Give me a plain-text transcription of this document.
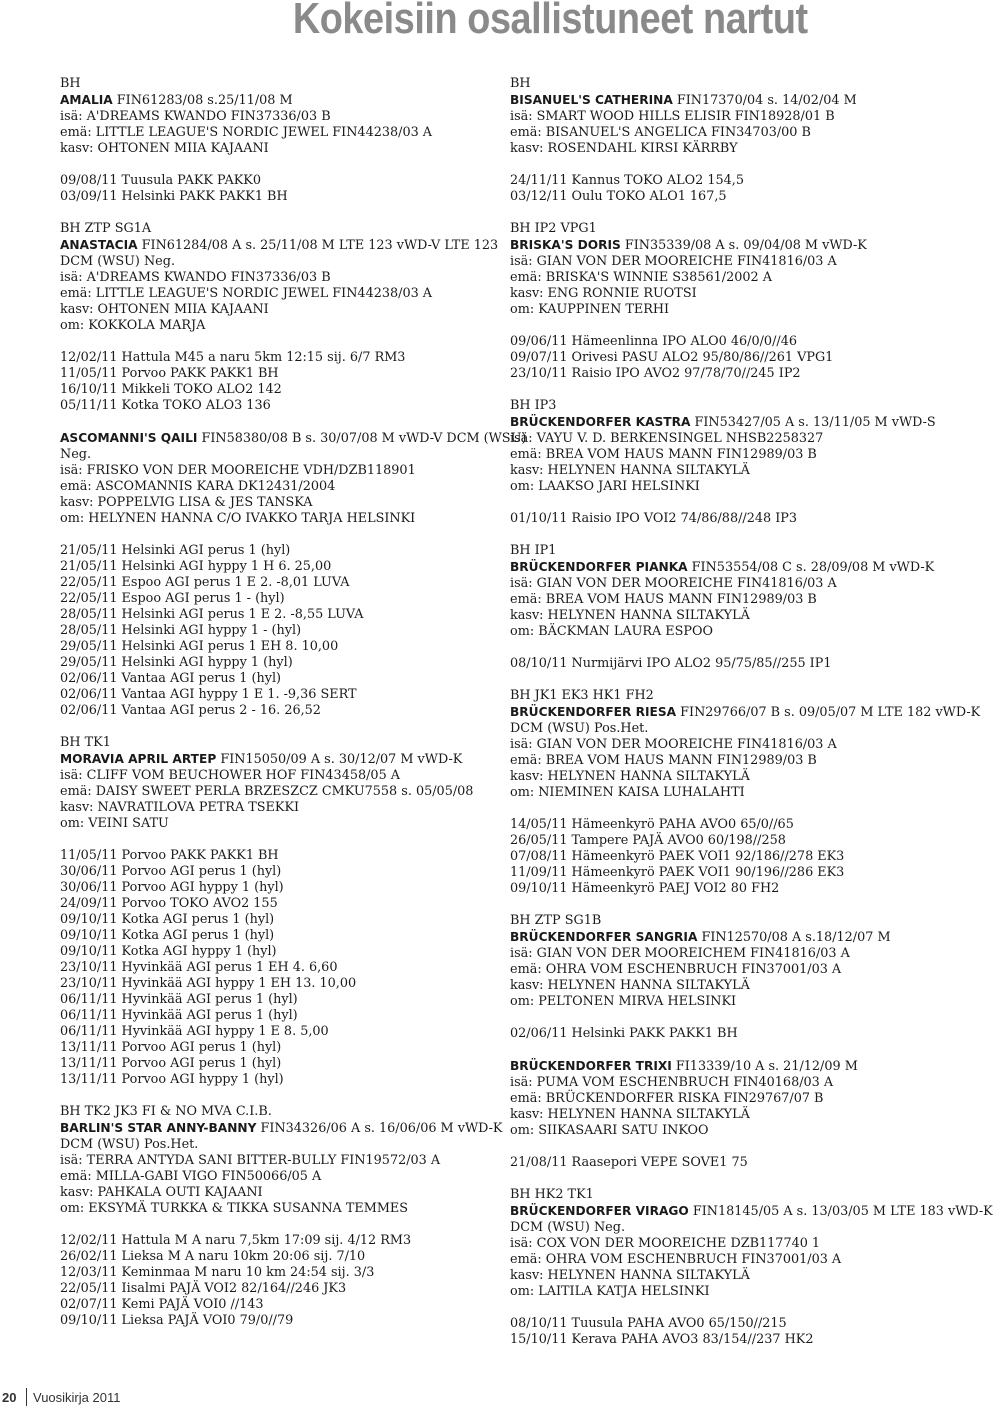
Kokeisiin osallistuneet nartut
BH
AMALIA FIN61283/08 s.25/11/08 M
isä: A'DREAMS KWANDO FIN37336/03 B
emä: LITTLE LEAGUE'S NORDIC JEWEL FIN44238/03 A
kasv: OHTONEN MIIA KAJAANI
09/08/11 Tuusula PAKK PAKK0
03/09/11 Helsinki PAKK PAKK1 BH
BH ZTP SG1A
ANASTACIA FIN61284/08 A s. 25/11/08 M LTE 123 vWD-V LTE 123
DCM (WSU) Neg.
isä: A'DREAMS KWANDO FIN37336/03 B
emä: LITTLE LEAGUE'S NORDIC JEWEL FIN44238/03 A
kasv: OHTONEN MIIA KAJAANI
om: KOKKOLA MARJA
12/02/11 Hattula M45 a naru 5km 12:15 sij. 6/7 RM3
11/05/11 Porvoo PAKK PAKK1 BH
16/10/11 Mikkeli TOKO ALO2 142
05/11/11 Kotka TOKO ALO3 136
ASCOMANNI'S QAILI FIN58380/08 B s. 30/07/08 M vWD-V DCM (WSU)
Neg.
isä: FRISKO VON DER MOOREICHE VDH/DZB118901
emä: ASCOMANNIS KARA DK12431/2004
kasv: POPPELVIG LISA & JES TANSKA
om: HELYNEN HANNA C/O IVAKKO TARJA HELSINKI
21/05/11 Helsinki AGI perus 1 (hyl)
21/05/11 Helsinki AGI hyppy 1 H 6. 25,00
22/05/11 Espoo AGI perus 1 E 2. -8,01 LUVA
22/05/11 Espoo AGI perus 1 - (hyl)
28/05/11 Helsinki AGI perus 1 E 2. -8,55 LUVA
28/05/11 Helsinki AGI hyppy 1 - (hyl)
29/05/11 Helsinki AGI perus 1 EH 8. 10,00
29/05/11 Helsinki AGI hyppy 1 (hyl)
02/06/11 Vantaa AGI perus 1 (hyl)
02/06/11 Vantaa AGI hyppy 1 E 1. -9,36 SERT
02/06/11 Vantaa AGI perus 2 - 16. 26,52
BH TK1
MORAVIA APRIL ARTEP FIN15050/09 A s. 30/12/07 M vWD-K
isä: CLIFF VOM BEUCHOWER HOF FIN43458/05 A
emä: DAISY SWEET PERLA BRZESZCZ CMKU7558 s. 05/05/08
kasv: NAVRATILOVA PETRA TSEKKI
om: VEINI SATU
11/05/11 Porvoo PAKK PAKK1 BH
30/06/11 Porvoo AGI perus 1 (hyl)
30/06/11 Porvoo AGI hyppy 1 (hyl)
24/09/11 Porvoo TOKO AVO2 155
09/10/11 Kotka AGI perus 1 (hyl)
09/10/11 Kotka AGI perus 1 (hyl)
09/10/11 Kotka AGI hyppy 1 (hyl)
23/10/11 Hyvinkää AGI perus 1 EH 4. 6,60
23/10/11 Hyvinkää AGI hyppy 1 EH 13. 10,00
06/11/11 Hyvinkää AGI perus 1 (hyl)
06/11/11 Hyvinkää AGI perus 1 (hyl)
06/11/11 Hyvinkää AGI hyppy 1 E 8. 5,00
13/11/11 Porvoo AGI perus 1 (hyl)
13/11/11 Porvoo AGI perus 1 (hyl)
13/11/11 Porvoo AGI hyppy 1 (hyl)
BH TK2 JK3 FI & NO MVA C.I.B.
BARLIN'S STAR ANNY-BANNY FIN34326/06 A s. 16/06/06 M vWD-K
DCM (WSU) Pos.Het.
isä: TERRA ANTYDA SANI BITTER-BULLY FIN19572/03 A
emä: MILLA-GABI VIGO FIN50066/05 A
kasv: PAHKALA OUTI KAJAANI
om: EKSYMÄ TURKKA & TIKKA SUSANNA TEMMES
12/02/11 Hattula M A naru 7,5km 17:09 sij. 4/12 RM3
26/02/11 Lieksa M A naru 10km 20:06 sij. 7/10
12/03/11 Keminmaa M naru 10 km 24:54 sij. 3/3
22/05/11 Iisalmi PAJÄ VOI2 82/164//246 JK3
02/07/11 Kemi PAJÄ VOI0 //143
09/10/11 Lieksa PAJÄ VOI0 79/0//79
BH
BISANUEL'S CATHERINA FIN17370/04 s. 14/02/04 M
isä: SMART WOOD HILLS ELISIR FIN18928/01 B
emä: BISANUEL'S ANGELICA FIN34703/00 B
kasv: ROSENDAHL KIRSI KÄRRBY
24/11/11 Kannus TOKO ALO2 154,5
03/12/11 Oulu TOKO ALO1 167,5
BH IP2 VPG1
BRISKA'S DORIS FIN35339/08 A s. 09/04/08 M vWD-K
isä: GIAN VON DER MOOREICHE FIN41816/03 A
emä: BRISKA'S WINNIE S38561/2002 A
kasv: ENG RONNIE RUOTSI
om: KAUPPINEN TERHI
09/06/11 Hämeenlinna IPO ALO0 46/0/0//46
09/07/11 Orivesi PASU ALO2 95/80/86//261 VPG1
23/10/11 Raisio IPO AVO2 97/78/70//245 IP2
BH IP3
BRÜCKENDORFER KASTRA FIN53427/05 A s. 13/11/05 M vWD-S
isä: VAYU V. D. BERKENSINGEL NHSB2258327
emä: BREA VOM HAUS MANN FIN12989/03 B
kasv: HELYNEN HANNA SILTAKYLÄ
om: LAAKSO JARI HELSINKI
01/10/11 Raisio IPO VOI2 74/86/88//248 IP3
BH IP1
BRÜCKENDORFER PIANKA FIN53554/08 C s. 28/09/08 M vWD-K
isä: GIAN VON DER MOOREICHE FIN41816/03 A
emä: BREA VOM HAUS MANN FIN12989/03 B
kasv: HELYNEN HANNA SILTAKYLÄ
om: BÄCKMAN LAURA ESPOO
08/10/11 Nurmijärvi IPO ALO2 95/75/85//255 IP1
BH JK1 EK3 HK1 FH2
BRÜCKENDORFER RIESA FIN29766/07 B s. 09/05/07 M LTE 182 vWD-K
DCM (WSU) Pos.Het.
isä: GIAN VON DER MOOREICHE FIN41816/03 A
emä: BREA VOM HAUS MANN FIN12989/03 B
kasv: HELYNEN HANNA SILTAKYLÄ
om: NIEMINEN KAISA LUHALAHTI
14/05/11 Hämeenkyrö PAHA AVO0 65/0//65
26/05/11 Tampere PAJÄ AVO0 60/198//258
07/08/11 Hämeenkyrö PAEK VOI1 92/186//278 EK3
11/09/11 Hämeenkyrö PAEK VOI1 90/196//286 EK3
09/10/11 Hämeenkyrö PAEJ VOI2 80 FH2
BH ZTP SG1B
BRÜCKENDORFER SANGRIA FIN12570/08 A s.18/12/07 M
isä: GIAN VON DER MOOREICHEM FIN41816/03 A
emä: OHRA VOM ESCHENBRUCH FIN37001/03 A
kasv: HELYNEN HANNA SILTAKYLÄ
om: PELTONEN MIRVA HELSINKI
02/06/11 Helsinki PAKK PAKK1 BH
BRÜCKENDORFER TRIXI FI13339/10 A s. 21/12/09 M
isä: PUMA VOM ESCHENBRUCH FIN40168/03 A
emä: BRÜCKENDORFER RISKA FIN29767/07 B
kasv: HELYNEN HANNA SILTAKYLÄ
om: SIIKASAARI SATU INKOO
21/08/11 Raasepori VEPE SOVE1 75
BH HK2 TK1
BRÜCKENDORFER VIRAGO FIN18145/05 A s. 13/03/05 M LTE 183 vWD-K
DCM (WSU) Neg.
isä: COX VON DER MOOREICHE DZB117740 1
emä: OHRA VOM ESCHENBRUCH FIN37001/03 A
kasv: HELYNEN HANNA SILTAKYLÄ
om: LAITILA KATJA HELSINKI
08/10/11 Tuusula PAHA AVO0 65/150//215
15/10/11 Kerava PAHA AVO3 83/154//237 HK2
20 Vuosikirja 2011
